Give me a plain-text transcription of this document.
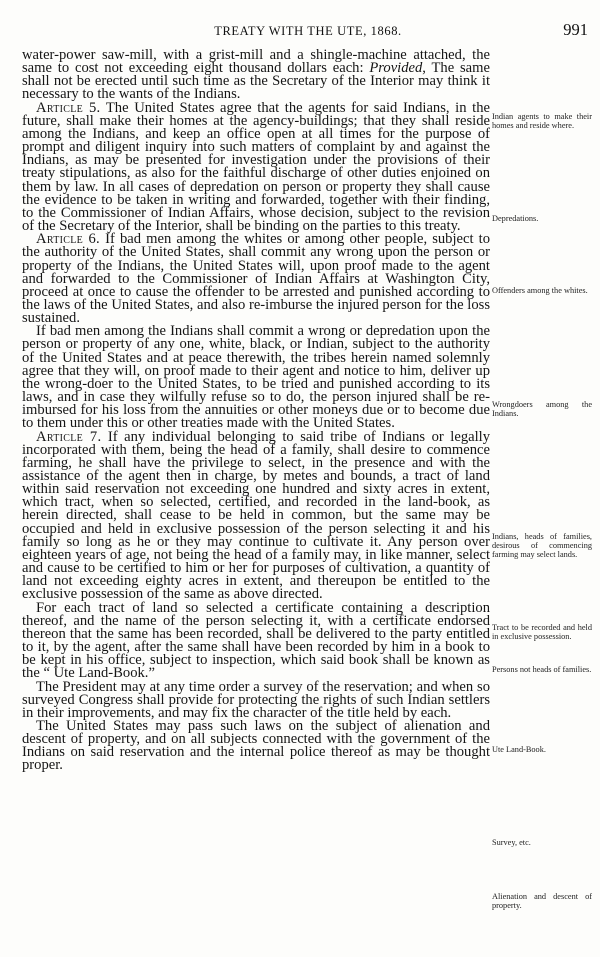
TREATY WITH THE UTE, 1868.	991

water-power saw-mill, with a grist-mill and a shingle-machine attached, the same to cost not exceeding eight thousand dollars each: Provided, The same shall not be erected until such time as the Secretary of the Interior may think it necessary to the wants of the Indians.

Article 5. The United States agree that the agents for said Indians, in the future, shall make their homes at the agency-buildings; that they shall reside among the Indians, and keep an office open at all times for the purpose of prompt and diligent inquiry into such matters of complaint by and against the Indians, as may be presented for investigation under the provisions of their treaty stipulations, as also for the faithful discharge of other duties enjoined on them by law. In all cases of depredation on person or property they shall cause the evidence to be taken in writing and forwarded, together with their finding, to the Commissioner of Indian Affairs, whose decision, subject to the revision of the Secretary of the Interior, shall be binding on the parties to this treaty.

Article 6. If bad men among the whites or among other people, subject to the authority of the United States, shall commit any wrong upon the person or property of the Indians, the United States will, upon proof made to the agent and forwarded to the Commissioner of Indian Affairs at Washington City, proceed at once to cause the offender to be arrested and punished according to the laws of the United States, and also re-imburse the injured person for the loss sustained.

If bad men among the Indians shall commit a wrong or depredation upon the person or property of any one, white, black, or Indian, subject to the authority of the United States and at peace therewith, the tribes herein named solemnly agree that they will, on proof made to their agent and notice to him, deliver up the wrong-doer to the United States, to be tried and punished according to its laws, and in case they wilfully refuse so to do, the person injured shall be re-imbursed for his loss from the annuities or other moneys due or to become due to them under this or other treaties made with the United States.

Article 7. If any individual belonging to said tribe of Indians or legally incorporated with them, being the head of a family, shall desire to commence farming, he shall have the privilege to select, in the presence and with the assistance of the agent then in charge, by metes and bounds, a tract of land within said reservation not exceeding one hundred and sixty acres in extent, which tract, when so selected, certified, and recorded in the land-book, as herein directed, shall cease to be held in common, but the same may be occupied and held in exclusive possession of the person selecting it and his family so long as he or they may continue to cultivate it. Any person over eighteen years of age, not being the head of a family may, in like manner, select and cause to be certified to him or her for purposes of cultivation, a quantity of land not exceeding eighty acres in extent, and thereupon be entitled to the exclusive possession of the same as above directed.

For each tract of land so selected a certificate containing a description thereof, and the name of the person selecting it, with a certificate endorsed thereon that the same has been recorded, shall be delivered to the party entitled to it, by the agent, after the same shall have been recorded by him in a book to be kept in his office, subject to inspection, which said book shall be known as the “ Ute Land-Book.”

The President may at any time order a survey of the reservation; and when so surveyed Congress shall provide for protecting the rights of such Indian settlers in their improvements, and may fix the character of the title held by each.

The United States may pass such laws on the subject of alienation and descent of property, and on all subjects connected with the government of the Indians on said reservation and the internal police thereof as may be thought proper.

Indian agents to make their homes and reside where.
Depredations.
Offenders among the whites.
Wrongdoers among the Indians.
Indians, heads of families, desirous of commencing farming may select lands.
Tract to be recorded and held in exclusive possession.
Persons not heads of families.
Ute Land-Book.
Survey, etc.
Alienation and descent of property.
